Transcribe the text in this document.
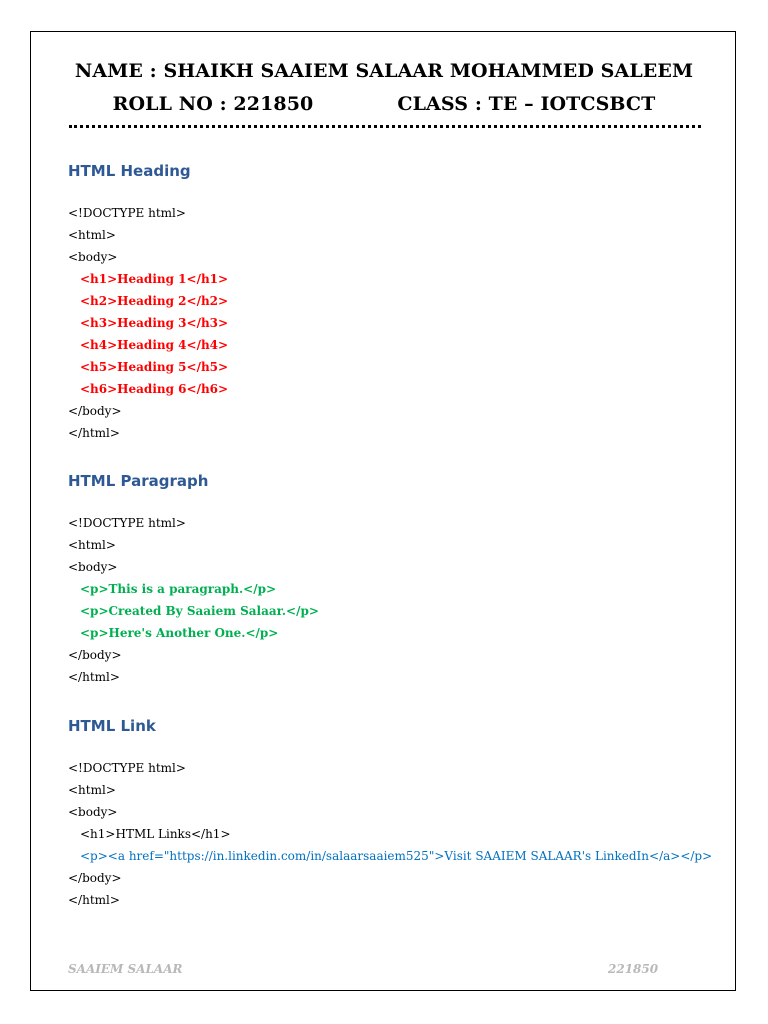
NAME : SHAIKH SAAIEM SALAAR MOHAMMED SALEEM
ROLL NO : 221850	CLASS : TE – IOTCSBCT
HTML Heading
<!DOCTYPE html>
<html>
<body>
<h1>Heading 1</h1>
<h2>Heading 2</h2>
<h3>Heading 3</h3>
<h4>Heading 4</h4>
<h5>Heading 5</h5>
<h6>Heading 6</h6>
</body>
</html>
HTML Paragraph
<!DOCTYPE html>
<html>
<body>
<p>This is a paragraph.</p>
<p>Created By Saaiem Salaar.</p>
<p>Here's Another One.</p>
</body>
</html>
HTML Link
<!DOCTYPE html>
<html>
<body>
<h1>HTML Links</h1>
<p><a href="https://in.linkedin.com/in/salaarsaaiem525">Visit SAAIEM SALAAR's LinkedIn</a></p>
</body>
</html>
SAAIEM SALAAR	221850
